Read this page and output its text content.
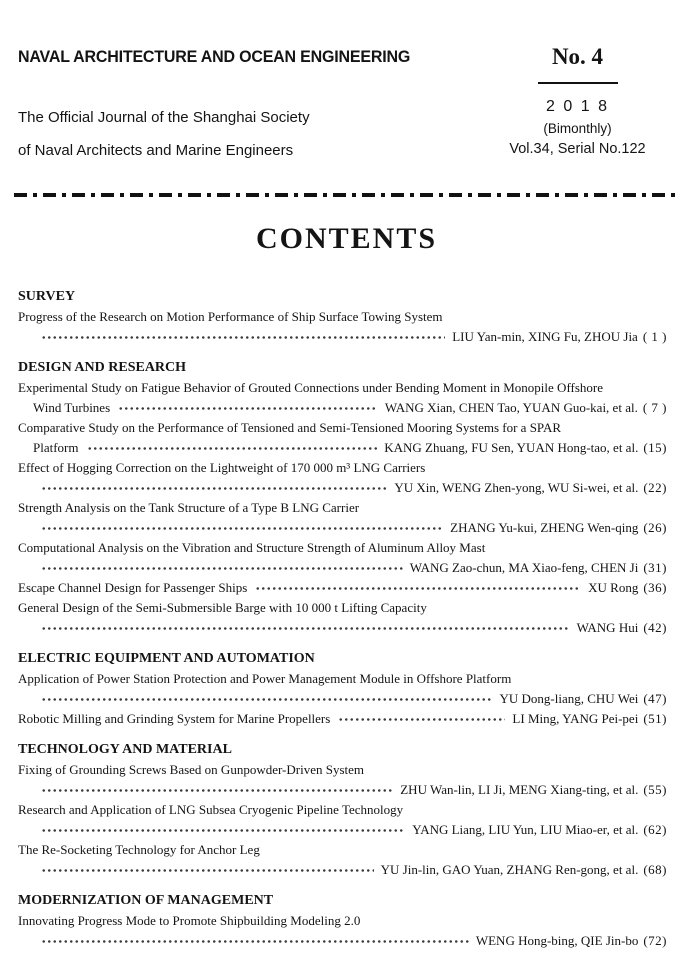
NAVAL ARCHITECTURE AND OCEAN ENGINEERING
The Official Journal of the Shanghai Society
of Naval Architects and Marine Engineers
No. 4
2 0 1 8
(Bimonthly)
Vol.34, Serial No.122
CONTENTS
SURVEY
Progress of the Research on Motion Performance of Ship Surface Towing System
LIU Yan-min, XING Fu, ZHOU Jia ( 1 )
DESIGN AND RESEARCH
Experimental Study on Fatigue Behavior of Grouted Connections under Bending Moment in Monopile Offshore
Wind Turbines	WANG Xian, CHEN Tao, YUAN Guo-kai, et al. ( 7 )
Comparative Study on the Performance of Tensioned and Semi-Tensioned Mooring Systems for a SPAR
Platform	KANG Zhuang, FU Sen, YUAN Hong-tao, et al. (15)
Effect of Hogging Correction on the Lightweight of 170 000 m³ LNG Carriers
YU Xin, WENG Zhen-yong, WU Si-wei, et al. (22)
Strength Analysis on the Tank Structure of a Type B LNG Carrier
ZHANG Yu-kui, ZHENG Wen-qing (26)
Computational Analysis on the Vibration and Structure Strength of Aluminum Alloy Mast
WANG Zao-chun, MA Xiao-feng, CHEN Ji (31)
Escape Channel Design for Passenger Ships	XU Rong (36)
General Design of the Semi-Submersible Barge with 10 000 t Lifting Capacity
WANG Hui (42)
ELECTRIC EQUIPMENT AND AUTOMATION
Application of Power Station Protection and Power Management Module in Offshore Platform
YU Dong-liang, CHU Wei (47)
Robotic Milling and Grinding System for Marine Propellers	LI Ming, YANG Pei-pei (51)
TECHNOLOGY AND MATERIAL
Fixing of Grounding Screws Based on Gunpowder-Driven System
ZHU Wan-lin, LI Ji, MENG Xiang-ting, et al. (55)
Research and Application of LNG Subsea Cryogenic Pipeline Technology
YANG Liang, LIU Yun, LIU Miao-er, et al. (62)
The Re-Socketing Technology for Anchor Leg
YU Jin-lin, GAO Yuan, ZHANG Ren-gong, et al. (68)
MODERNIZATION OF MANAGEMENT
Innovating Progress Mode to Promote Shipbuilding Modeling 2.0
WENG Hong-bing, QIE Jin-bo (72)
